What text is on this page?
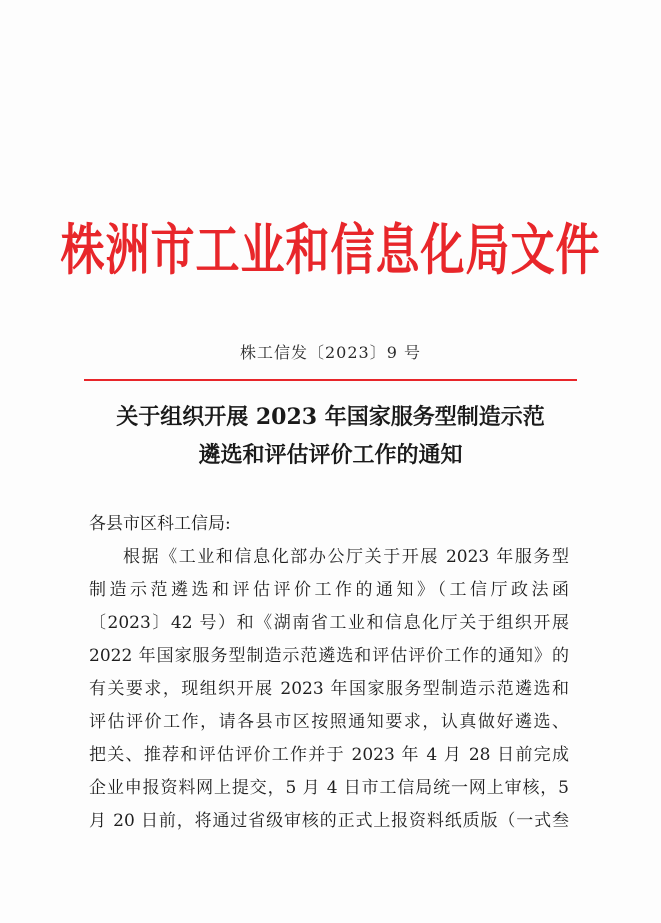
株洲市工业和信息化局文件
株工信发〔2023〕9 号
关于组织开展 2023 年国家服务型制造示范
遴选和评估评价工作的通知
各县市区科工信局:
根据《工业和信息化部办公厅关于开展 2023 年服务型
制造示范遴选和评估评价工作的通知》（工信厅政法函
〔2023〕42 号）和《湖南省工业和信息化厅关于组织开展
2022 年国家服务型制造示范遴选和评估评价工作的通知》的
有关要求，现组织开展 2023 年国家服务型制造示范遴选和
评估评价工作，请各县市区按照通知要求，认真做好遴选、
把关、推荐和评估评价工作并于 2023 年 4 月 28 日前完成
企业申报资料网上提交，5 月 4 日市工信局统一网上审核，5
月 20 日前，将通过省级审核的正式上报资料纸质版（一式叁
